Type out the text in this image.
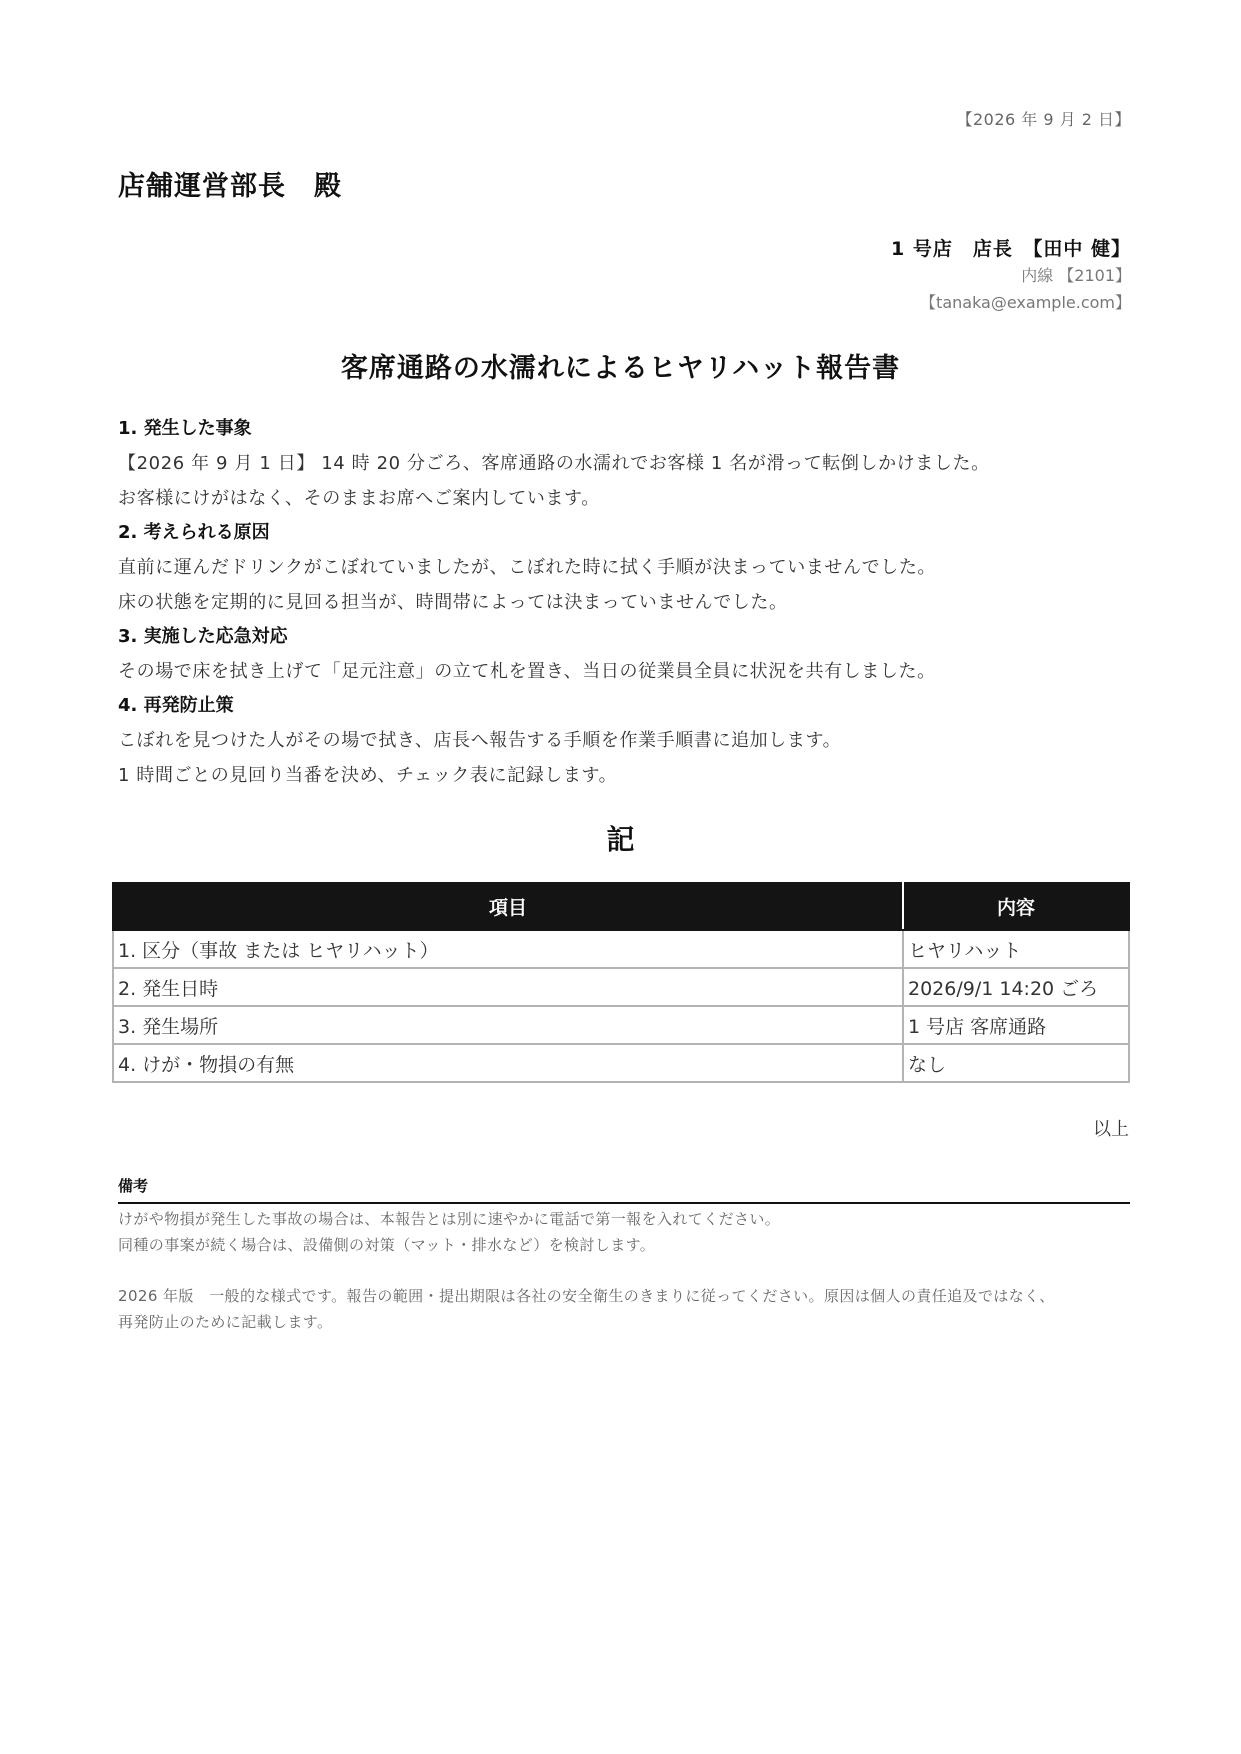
【2026 年 9 月 2 日】
店舗運営部長　殿
1 号店　店長　【田中 健】
内線 【2101】
【tanaka@example.com】
客席通路の水濡れによるヒヤリハット報告書
1. 発生した事象
【2026 年 9 月 1 日】 14 時 20 分ごろ、客席通路の水濡れでお客様 1 名が滑って転倒しかけました。
お客様にけがはなく、そのままお席へご案内しています。
2. 考えられる原因
直前に運んだドリンクがこぼれていましたが、こぼれた時に拭く手順が決まっていませんでした。
床の状態を定期的に見回る担当が、時間帯によっては決まっていませんでした。
3. 実施した応急対応
その場で床を拭き上げて「足元注意」の立て札を置き、当日の従業員全員に状況を共有しました。
4. 再発防止策
こぼれを見つけた人がその場で拭き、店長へ報告する手順を作業手順書に追加します。
1 時間ごとの見回り当番を決め、チェック表に記録します。
記
項目	内容
1. 区分（事故 または ヒヤリハット）	ヒヤリハット
2. 発生日時	2026/9/1 14:20 ごろ
3. 発生場所	1 号店 客席通路
4. けが・物損の有無	なし
以上
備考
けがや物損が発生した事故の場合は、本報告とは別に速やかに電話で第一報を入れてください。
同種の事案が続く場合は、設備側の対策（マット・排水など）を検討します。
2026 年版　一般的な様式です。報告の範囲・提出期限は各社の安全衛生のきまりに従ってください。原因は個人の責任追及ではなく、
再発防止のために記載します。
